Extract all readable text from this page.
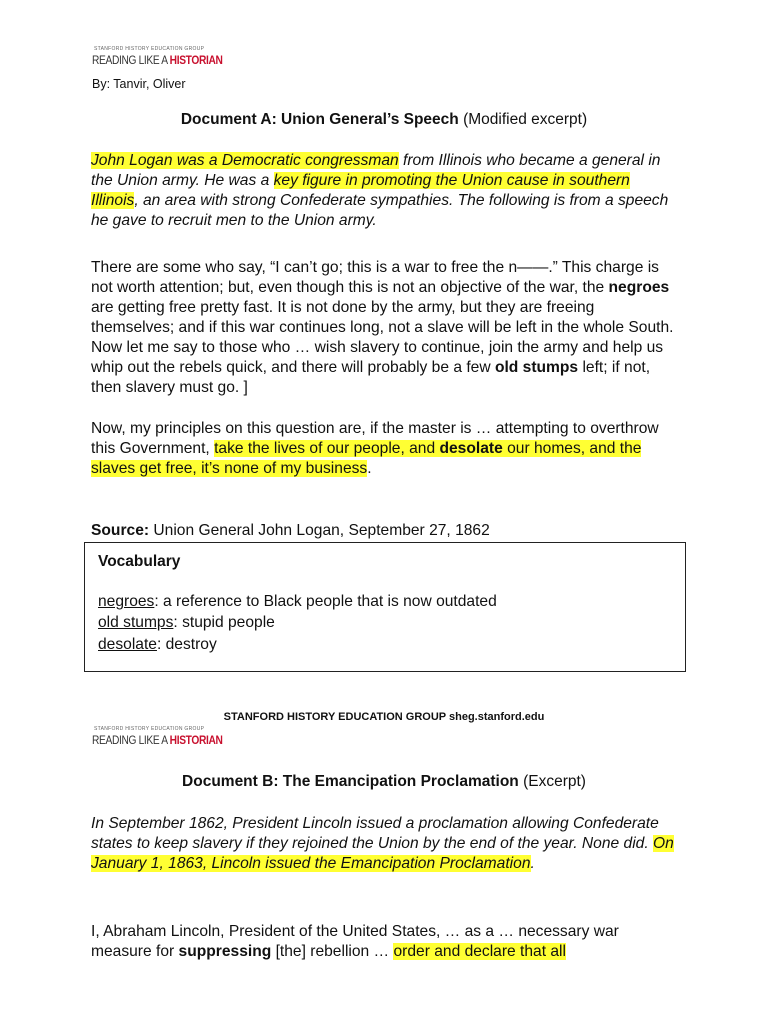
STANFORD HISTORY EDUCATION GROUP
READING LIKE A HISTORIAN
By: Tanvir, Oliver
Document A: Union General’s Speech (Modified excerpt)
John Logan was a Democratic congressman from Illinois who became a general in the Union army. He was a key figure in promoting the Union cause in southern Illinois, an area with strong Confederate sympathies. The following is from a speech he gave to recruit men to the Union army.
There are some who say, “I can’t go; this is a war to free the n——.” This charge is not worth attention; but, even though this is not an objective of the war, the negroes are getting free pretty fast. It is not done by the army, but they are freeing themselves; and if this war continues long, not a slave will be left in the whole South. Now let me say to those who … wish slavery to continue, join the army and help us whip out the rebels quick, and there will probably be a few old stumps left; if not, then slavery must go. ]
Now, my principles on this question are, if the master is … attempting to overthrow this Government, take the lives of our people, and desolate our homes, and the slaves get free, it’s none of my business.
Source: Union General John Logan, September 27, 1862
Vocabulary
negroes: a reference to Black people that is now outdated
old stumps: stupid people
desolate: destroy
STANFORD HISTORY EDUCATION GROUP sheg.stanford.edu
STANFORD HISTORY EDUCATION GROUP
READING LIKE A HISTORIAN
Document B: The Emancipation Proclamation (Excerpt)
In September 1862, President Lincoln issued a proclamation allowing Confederate states to keep slavery if they rejoined the Union by the end of the year. None did. On January 1, 1863, Lincoln issued the Emancipation Proclamation.
I, Abraham Lincoln, President of the United States, … as a … necessary war measure for suppressing [the] rebellion … order and declare that all
